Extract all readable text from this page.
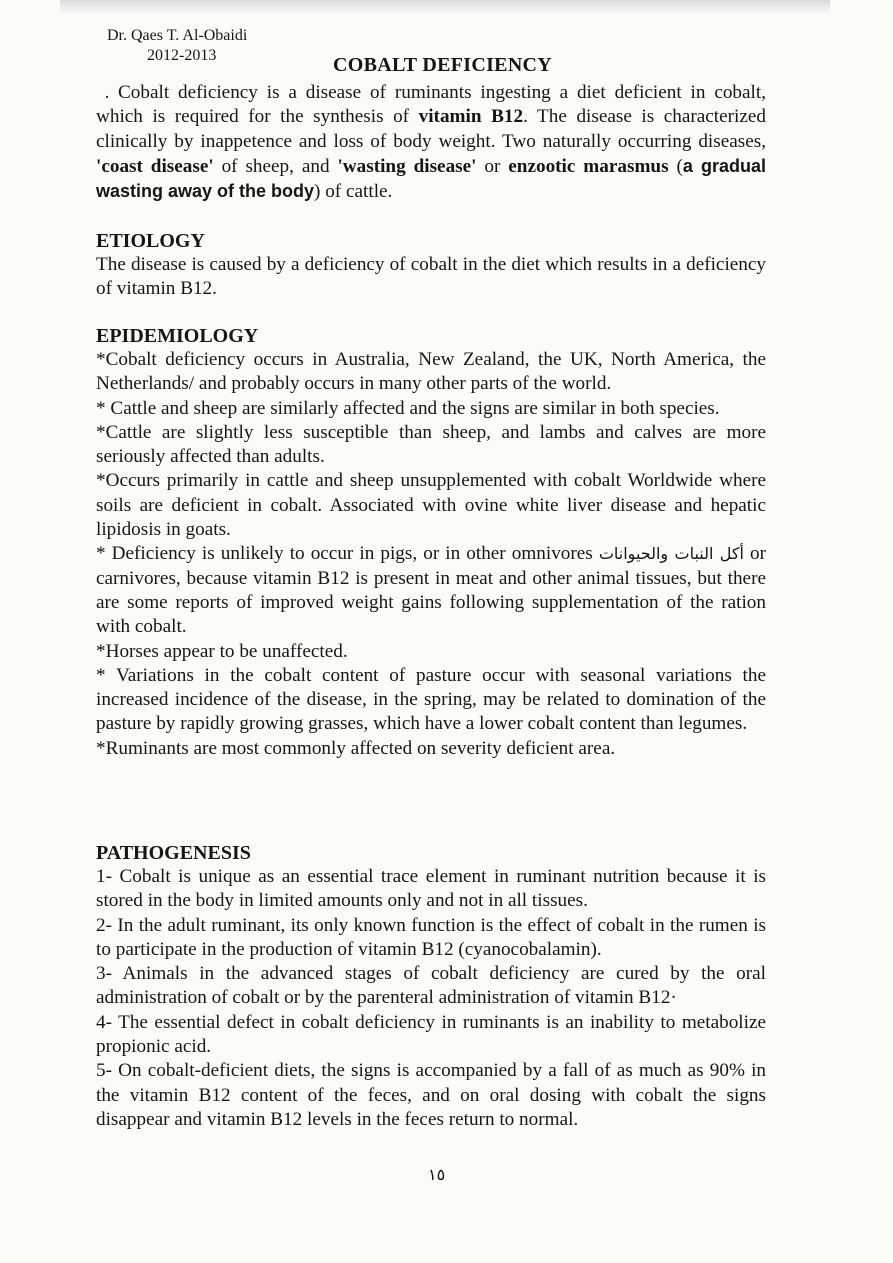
Dr. Qaes T. Al-Obaidi
2012-2013	COBALT DEFICIENCY

. Cobalt deficiency is a disease of ruminants ingesting a diet deficient in cobalt, which is required for the synthesis of vitamin B12. The disease is characterized clinically by inappetence and loss of body weight. Two naturally occurring diseases, 'coast disease' of sheep, and 'wasting disease' or enzootic marasmus (a gradual wasting away of the body) of cattle.

ETIOLOGY

The disease is caused by a deficiency of cobalt in the diet which results in a deficiency of vitamin B12.

EPIDEMIOLOGY

*Cobalt deficiency occurs in Australia, New Zealand, the UK, North America, the Netherlands/ and probably occurs in many other parts of the world.

* Cattle and sheep are similarly affected and the signs are similar in both species.

*Cattle are slightly less susceptible than sheep, and lambs and calves are more seriously affected than adults.

*Occurs primarily in cattle and sheep unsupplemented with cobalt Worldwide where soils are deficient in cobalt. Associated with ovine white liver disease and hepatic lipidosis in goats.

* Deficiency is unlikely to occur in pigs, or in other omnivores أكل النبات والحيوانات or carnivores, because vitamin B12 is present in meat and other animal tissues, but there are some reports of improved weight gains following supplementation of the ration with cobalt.

*Horses appear to be unaffected.

* Variations in the cobalt content of pasture occur with seasonal variations the increased incidence of the disease, in the spring, may be related to domination of the pasture by rapidly growing grasses, which have a lower cobalt content than legumes.

*Ruminants are most commonly affected on severity deficient area.

PATHOGENESIS

1- Cobalt is unique as an essential trace element in ruminant nutrition because it is stored in the body in limited amounts only and not in all tissues.

2- In the adult ruminant, its only known function is the effect of cobalt in the rumen is to participate in the production of vitamin B12 (cyanocobalamin).

3- Animals in the advanced stages of cobalt deficiency are cured by the oral administration of cobalt or by the parenteral administration of vitamin B12·

4- The essential defect in cobalt deficiency in ruminants is an inability to metabolize propionic acid.

5- On cobalt-deficient diets, the signs is accompanied by a fall of as much as 90% in the vitamin B12 content of the feces, and on oral dosing with cobalt the signs disappear and vitamin B12 levels in the feces return to normal.

١٥
